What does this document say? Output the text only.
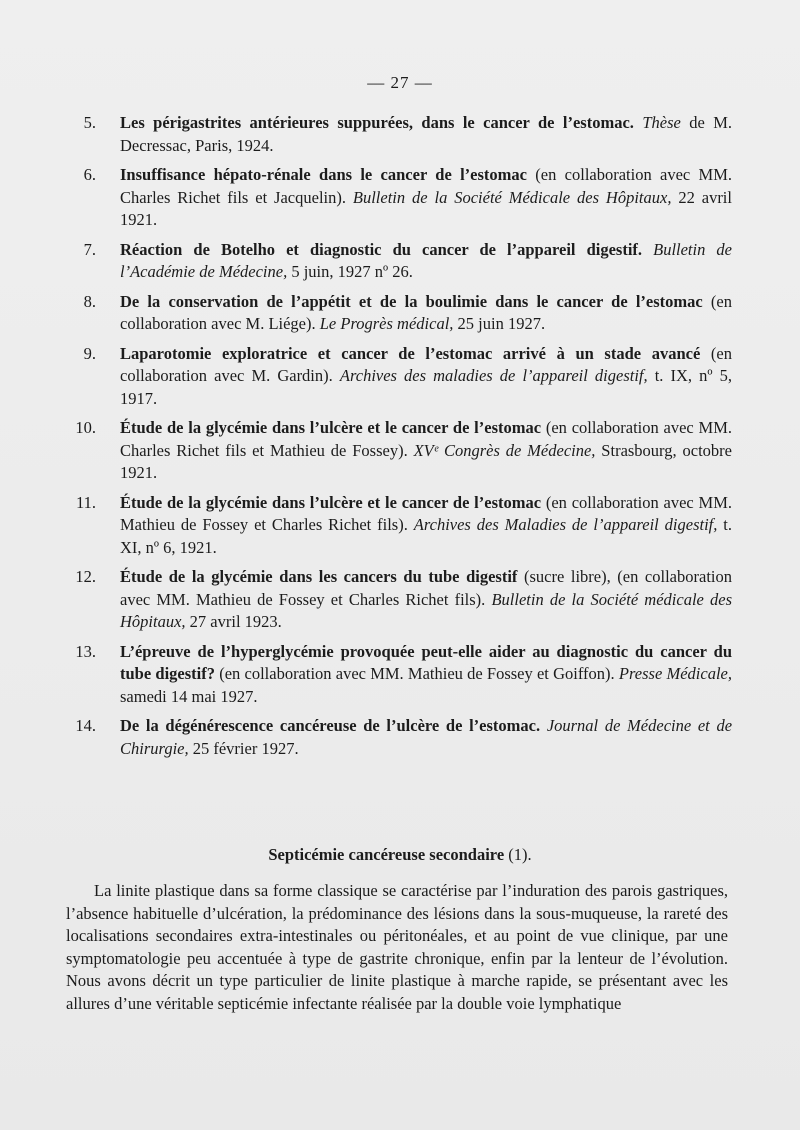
— 27 —
5. Les périgastrites antérieures suppurées, dans le cancer de l’estomac. Thèse de M. Decressac, Paris, 1924.
6. Insuffisance hépato-rénale dans le cancer de l’estomac (en collaboration avec MM. Charles Richet fils et Jacquelin). Bulletin de la Société Médicale des Hôpitaux, 22 avril 1921.
7. Réaction de Botelho et diagnostic du cancer de l’appareil digestif. Bulletin de l’Académie de Médecine, 5 juin, 1927 nº 26.
8. De la conservation de l’appétit et de la boulimie dans le cancer de l’estomac (en collaboration avec M. Liége). Le Progrès médical, 25 juin 1927.
9. Laparotomie exploratrice et cancer de l’estomac arrivé à un stade avancé (en collaboration avec M. Gardin). Archives des maladies de l’appareil digestif, t. IX, nº 5, 1917.
10. Étude de la glycémie dans l’ulcère et le cancer de l’estomac (en collaboration avec MM. Charles Richet fils et Mathieu de Fossey). XVᵉ Congrès de Médecine, Strasbourg, octobre 1921.
11. Étude de la glycémie dans l’ulcère et le cancer de l’estomac (en collaboration avec MM. Mathieu de Fossey et Charles Richet fils). Archives des Maladies de l’appareil digestif, t. XI, nº 6, 1921.
12. Étude de la glycémie dans les cancers du tube digestif (sucre libre), (en collaboration avec MM. Mathieu de Fossey et Charles Richet fils). Bulletin de la Société médicale des Hôpitaux, 27 avril 1923.
13. L’épreuve de l’hyperglycémie provoquée peut-elle aider au diagnostic du cancer du tube digestif? (en collaboration avec MM. Mathieu de Fossey et Goiffon). Presse Médicale, samedi 14 mai 1927.
14. De la dégénérescence cancéreuse de l’ulcère de l’estomac. Journal de Médecine et de Chirurgie, 25 février 1927.
Septicémie cancéreuse secondaire (1).

La linite plastique dans sa forme classique se caractérise par l’induration des parois gastriques, l’absence habituelle d’ulcération, la prédominance des lésions dans la sous-muqueuse, la rareté des localisations secondaires extra-intestinales ou péritonéales, et au point de vue clinique, par une symptomatologie peu accentuée à type de gastrite chronique, enfin par la lenteur de l’évolution. Nous avons décrit un type particulier de linite plastique à marche rapide, se présentant avec les allures d’une véritable septicémie infectante réalisée par la double voie lymphatique
